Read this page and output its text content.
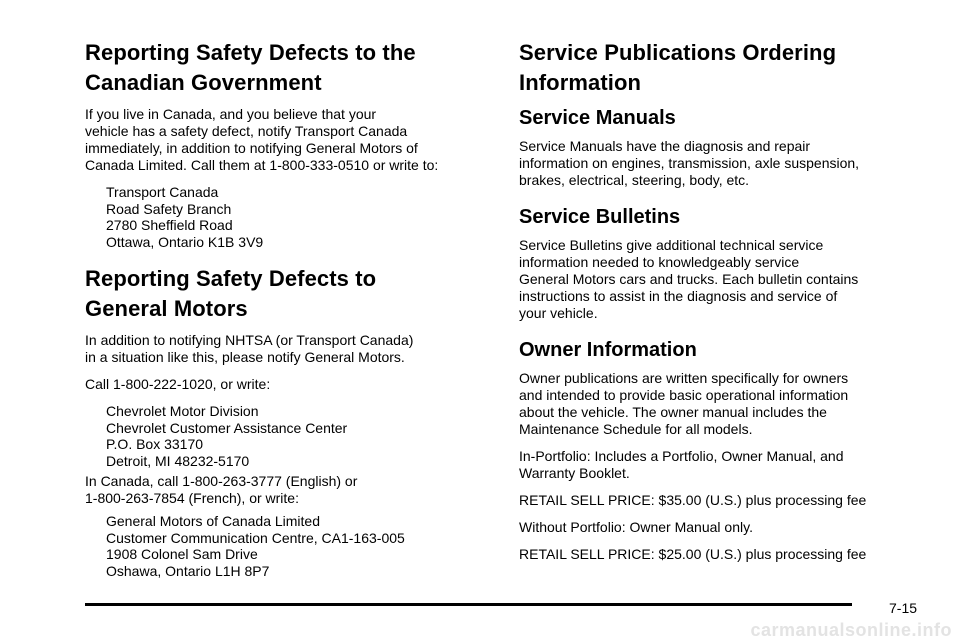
Reporting Safety Defects to the
Canadian Government

If you live in Canada, and you believe that your
vehicle has a safety defect, notify Transport Canada
immediately, in addition to notifying General Motors of
Canada Limited. Call them at 1-800-333-0510 or write to:

Transport Canada
Road Safety Branch
2780 Sheffield Road
Ottawa, Ontario K1B 3V9
Reporting Safety Defects to
General Motors

In addition to notifying NHTSA (or Transport Canada)
in a situation like this, please notify General Motors.

Call 1-800-222-1020, or write:

Chevrolet Motor Division
Chevrolet Customer Assistance Center
P.O. Box 33170
Detroit, MI 48232-5170

In Canada, call 1-800-263-3777 (English) or
1-800-263-7854 (French), or write:

General Motors of Canada Limited
Customer Communication Centre, CA1-163-005
1908 Colonel Sam Drive
Oshawa, Ontario L1H 8P7
Service Publications Ordering
Information
Service Manuals

Service Manuals have the diagnosis and repair
information on engines, transmission, axle suspension,
brakes, electrical, steering, body, etc.

Service Bulletins

Service Bulletins give additional technical service
information needed to knowledgeably service
General Motors cars and trucks. Each bulletin contains
instructions to assist in the diagnosis and service of
your vehicle.

Owner Information

Owner publications are written specifically for owners
and intended to provide basic operational information
about the vehicle. The owner manual includes the
Maintenance Schedule for all models.

In-Portfolio: Includes a Portfolio, Owner Manual, and
Warranty Booklet.

RETAIL SELL PRICE: $35.00 (U.S.) plus processing fee

Without Portfolio: Owner Manual only.

RETAIL SELL PRICE: $25.00 (U.S.) plus processing fee

7-15
carmanualsonline.info
